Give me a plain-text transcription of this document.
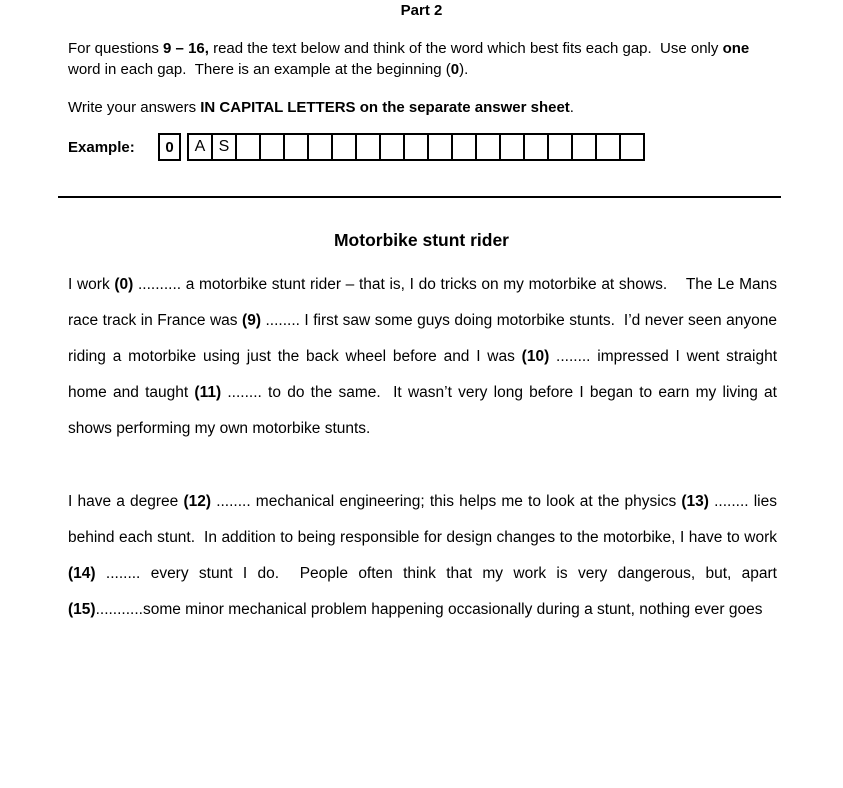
Part 2

For questions 9 – 16, read the text below and think of the word which best fits each gap.  Use only one word in each gap.  There is an example at the beginning (0).

Write your answers IN CAPITAL LETTERS on the separate answer sheet.

Example:	0	A S
Motorbike stunt rider

I work (0) .......... a motorbike stunt rider – that is, I do tricks on my motorbike at shows.    The Le Mans race track in France was (9) ........ I first saw some guys doing motorbike stunts.  I’d never seen anyone riding a motorbike using just the back wheel before and I was (10) ........ impressed I went straight home and taught (11) ........ to do the same.  It wasn’t very long before I began to earn my living at shows performing my own motorbike stunts.

I have a degree (12) ........ mechanical engineering; this helps me to look at the physics (13) ........ lies behind each stunt.  In addition to being responsible for design changes to the motorbike, I have to work (14) ........ every stunt I do.  People often think that my work is very dangerous, but, apart (15)...........some minor mechanical problem happening occasionally during a stunt, nothing ever goes
